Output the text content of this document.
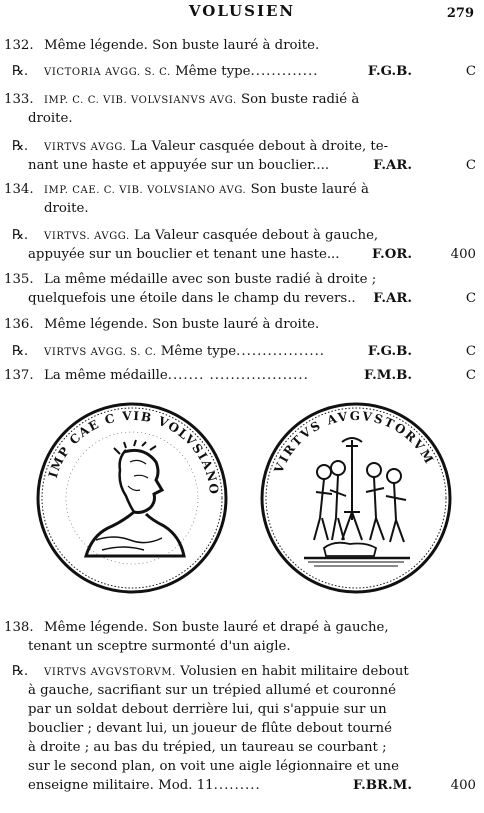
VOLUSIEN	279
132. Même légende. Son buste lauré à droite.
℞. VICTORIA AVGG. S. C. Même type.............	F.G.B.	C
133. IMP. C. C. VIB. VOLVSIANVS AVG. Son buste radié à
droite.
℞. VIRTVS AVGG. La Valeur casquée debout à droite, te-
nant une haste et appuyée sur un bouclier....	F.AR.	C
134. IMP. CAE. C. VIB. VOLVSIANO AVG. Son buste lauré à
droite.
℞. VIRTVS. AVGG. La Valeur casquée debout à gauche,
appuyée sur un bouclier et tenant une haste... F.OR.	400
135. La même médaille avec son buste radié à droite ;
quelquefois une étoile dans le champ du revers.. F.AR.	C
136. Même légende. Son buste lauré à droite.
℞. VIRTVS AVGG. S. C. Même type.................	F.G.B.	C
137. La même médaille....... ...................	F.M.B.	C
IMP CAE C VIB VOLVSIANO
VIRTVS AVGVSTORVM
138. Même légende. Son buste lauré et drapé à gauche,
tenant un sceptre surmonté d'un aigle.
℞. VIRTVS AVGVSTORVM. Volusien en habit militaire debout
à gauche, sacrifiant sur un trépied allumé et couronné
par un soldat debout derrière lui, qui s'appuie sur un
bouclier ; devant lui, un joueur de flûte debout tourné
à droite ; au bas du trépied, un taureau se courbant ;
sur le second plan, on voit une aigle légionnaire et une
enseigne militaire. Mod. 11.........	F.BR.M.	400
